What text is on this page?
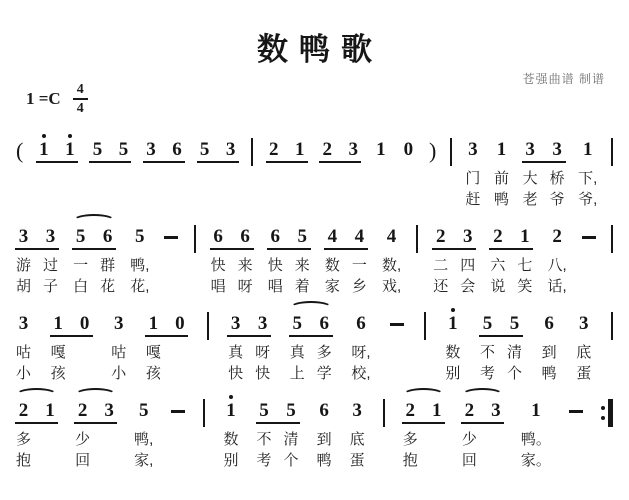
数鸭歌
苍强曲谱 制谱
$1 =C \frac{4}{4}$
( 1 1 5 5 3 6 5 3 2 1 2 3 1 0 ) 3
门
赶
1
前
鸭
3
大
老
3
桥
爷
1
下,
爷,
3
游
胡
3
过
子
5
一
白
6
群
花
5
鸭,
花,
6
快
唱
6
来
呀
6
快
唱
5
来
着
4
数
家
4
一
乡
4
数,
戏,
2
二
还
3
四
会
2
六
说
1
七
笑
2
八,
话,
3
咕
小
1
嘎
孩
0 3
咕
小
1
嘎
孩
0 3
真
快
3
呀
快
5
真
上
6
多
学
6
呀,
校,
1
数
别
5
不
考
5
清
个
6
到
鸭
3
底
蛋
2
多
抱
1 2
少
回
3 5
鸭,
家,
1
数
别
5
不
考
5
清
个
6
到
鸭
3
底
蛋
2
多
抱
1 2
少
回
3 1
鸭。
家。
